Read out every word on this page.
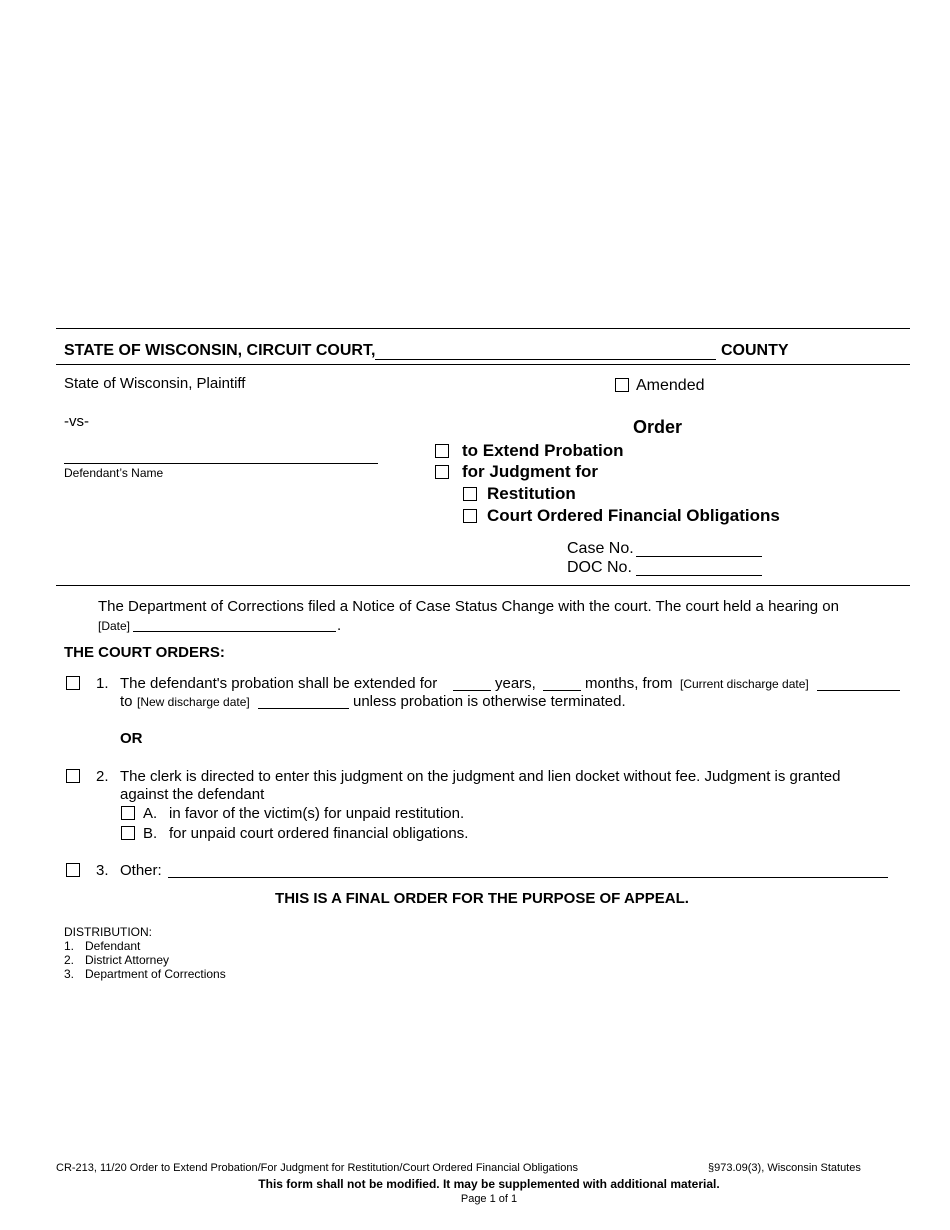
STATE OF WISCONSIN, CIRCUIT COURT,	COUNTY
State of Wisconsin, Plaintiff
-vs-
Defendant’s Name
Amended
Order
to Extend Probation
for Judgment for
Restitution
Court Ordered Financial Obligations
Case No.
DOC No.
The Department of Corrections filed a Notice of Case Status Change with the court. The court held a hearing on
[Date]	.
THE COURT ORDERS:
1. The defendant's probation shall be extended for	years,	months, from [Current discharge date]
to [New discharge date]	unless probation is otherwise terminated.
OR
2. The clerk is directed to enter this judgment on the judgment and lien docket without fee. Judgment is granted
against the defendant
A. in favor of the victim(s) for unpaid restitution.
B. for unpaid court ordered financial obligations.
3. Other:
THIS IS A FINAL ORDER FOR THE PURPOSE OF APPEAL.
DISTRIBUTION:
1. Defendant
2. District Attorney
3. Department of Corrections
CR-213, 11/20 Order to Extend Probation/For Judgment for Restitution/Court Ordered Financial Obligations	§973.09(3), Wisconsin Statutes
This form shall not be modified. It may be supplemented with additional material.
Page 1 of 1
